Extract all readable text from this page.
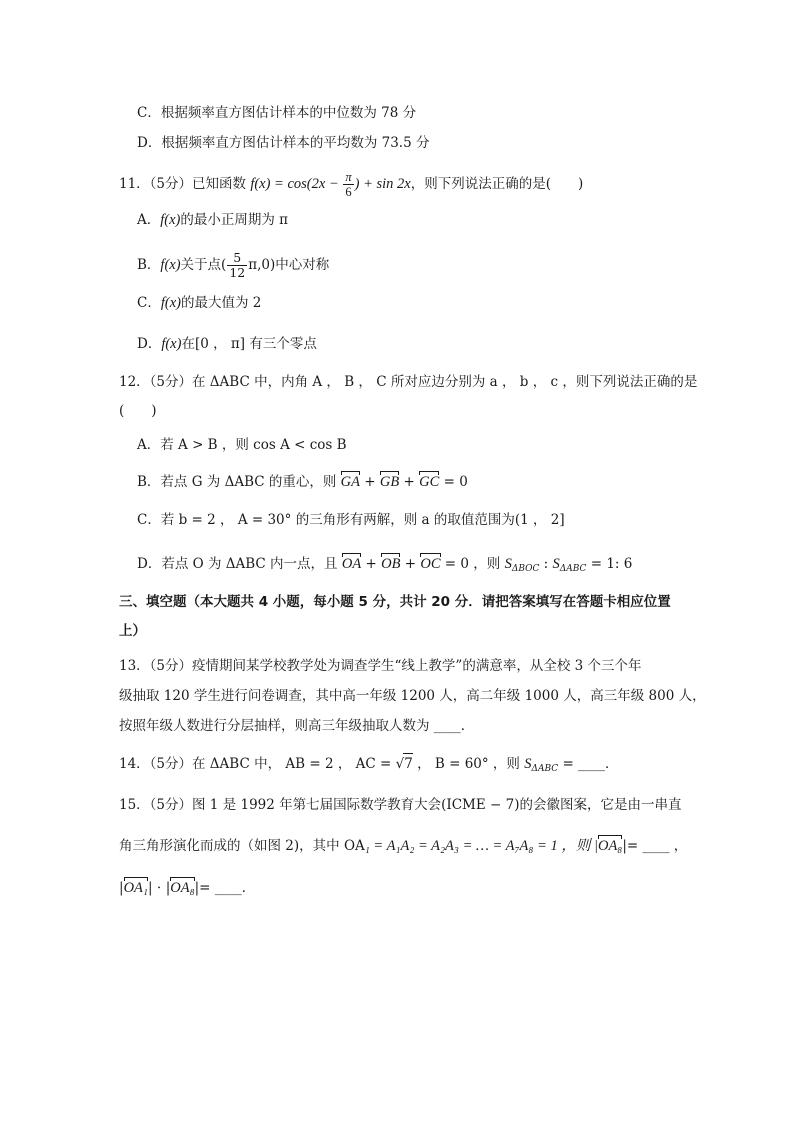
C．根据频率直方图估计样本的中位数为 78 分
D．根据频率直方图估计样本的平均数为 73.5 分
11．（5分）已知函数 $f(x) = \cos(2x - \frac{\pi}{6}$ ) + sin 2x，则下列说法正确的是(　　)
A．f(x)的最小正周期为 π
B．f(x)关于点( $\frac{5}{12} \pi,0$)中心对称
C．f(x)的最大值为 2
D．f(x)在[0 ， π] 有三个零点
12．（5分）在 ΔABC 中，内角 A ， B ， C 所对应边分别为 a ， b ， c ，则下列说法正确的是
(　　)
A．若 A > B ，则 cos A < cos B
B．若点 G 为 ΔABC 的重心，则 GA + GB + GC = 0
C．若 b = 2 ， A = 30° 的三角形有两解，则 a 的取值范围为(1 ， 2]
D．若点 O 为 ΔABC 内一点，且 OA + OB + OC = 0 ，则 $S_{\Delta BOC}$ : $S_{\Delta ABC} = 1$: 6
三、填空题（本大题共 4 小题，每小题 5 分，共计 20 分．请把答案填写在答题卡相应位置
上）
13．（5分）疫情期间某学校教学处为调查学生“线上教学”的满意率，从全校 3 个三个年
级抽取 120 学生进行问卷调查，其中高一年级 1200 人，高二年级 1000 人，高三年级 800 人，
按照年级人数进行分层抽样，则高三年级抽取人数为 ____．
14．（5分）在 ΔABC 中， AB = 2 ， AC = √7 ， B = 60° ，则 $S_{\Delta ABC}$ = ____．
15．（5分）图 1 是 1992 年第七届国际数学教育大会(ICME − 7)的会徽图案，它是由一串直
角三角形演化而成的（如图 2)，其中 OA₁ = A₁A₂ = A₂A₃ = … = A₇A₈ = 1 ，则 |OA₈|= ____ ，
|OA₁| ⋅ |OA₈|= ____．
